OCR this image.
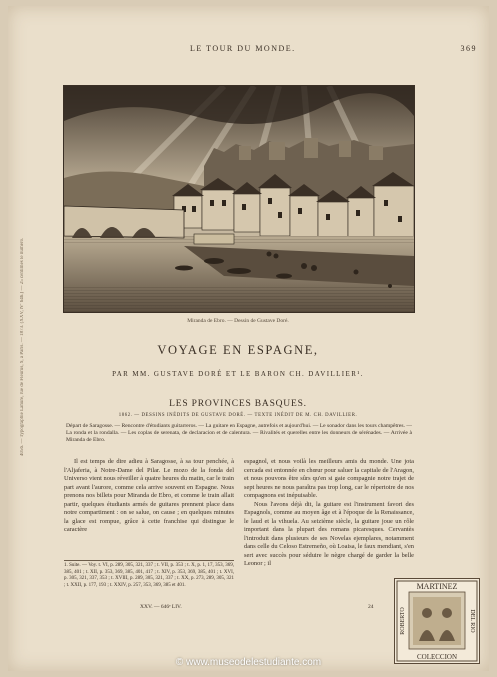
4056. — Typographie Lahure, rue de Fleurus, 9, à Paris. — 1873. (XXV, N° 646.) — 25 centimes le numéro.
LE TOUR DU MONDE.	369
Miranda de Ebro. — Dessin de Gustave Doré.
VOYAGE EN ESPAGNE,
PAR MM. GUSTAVE DORÉ ET LE BARON CH. DAVILLIER¹.
LES PROVINCES BASQUES.
1862. — DESSINS INÉDITS DE GUSTAVE DORÉ. — TEXTE INÉDIT DE M. CH. DAVILLIER.
Départ de Saragosse. — Rencontre d'étudiants guitarreros. — La guitare en Espagne, autrefois et aujourd'hui. — Le sonador dans les tours champêtres. — La ronda et la rondalla. — Les coplas de serenata, de declaracion et de calentura. — Rivalités et querelles entre les donneurs de sérénades. — Arrivée à Miranda de Ebro.

Il est temps de dire adieu à Saragosse, à sa tour penchée, à l'Aljaferia, à Notre-Dame del Pilar. Le mozo de la fonda del Universo vient nous réveiller à quatre heures du matin, car le train part avant l'aurore, comme cela arrive souvent en Espagne. Nous prenons nos billets pour Miranda de Ebro, et comme le train allait partir, quelques étudiants armés de guitares prennent place dans notre compartiment : on se salue, on cause ; en quelques minutes la glace est rompue, grâce à cette franchise qui distingue le caractère

espagnol, et nous voilà les meilleurs amis du monde. Une jota cercada est entonnée en chœur pour saluer la capitale de l'Aragon, et nous pouvons être sûrs qu'en si gaie compagnie notre trajet de sept heures ne nous paraîtra pas trop long, car le répertoire de nos compagnons est inépuisable.

Nous l'avons déjà dit, la guitare est l'instrument favori des Espagnols, comme au moyen âge et à l'époque de la Renaissance, le laud et la vihuela. Au seizième siècle, la guitare joue un rôle important dans la plupart des romans picaresques. Cervantès l'introduit dans plusieurs de ses Novelas ejemplares, notamment dans celle du Celoso Estremeño, où Loaisa, le faux mendiant, s'en sert avec succès pour séduire le nègre chargé de garder la belle Leonor ; il

1. Suite. — Voy. t. VI, p. 289, 305, 321, 337 ; t. VII, p. 353 ; t. X, p. 1, 17, 353, 369, 385, 401 ; t. XII, p. 353, 369, 385, 401, 417 ; t. XIV, p. 353, 369, 385, 401 ; t. XVI, p. 305, 321, 337, 353 ; t. XVIII, p. 289, 305, 321, 337 ; t. XX, p. 273, 289, 305, 321 ; t. XXII, p. 177, 193 ; t. XXIV, p. 257, 353, 369, 385 et 401.
XXV. — 646ᵉ LIV.	24
MARTINEZ
COLECCION
ROBERTO	DEL RIO
© www.museodelestudiante.com
